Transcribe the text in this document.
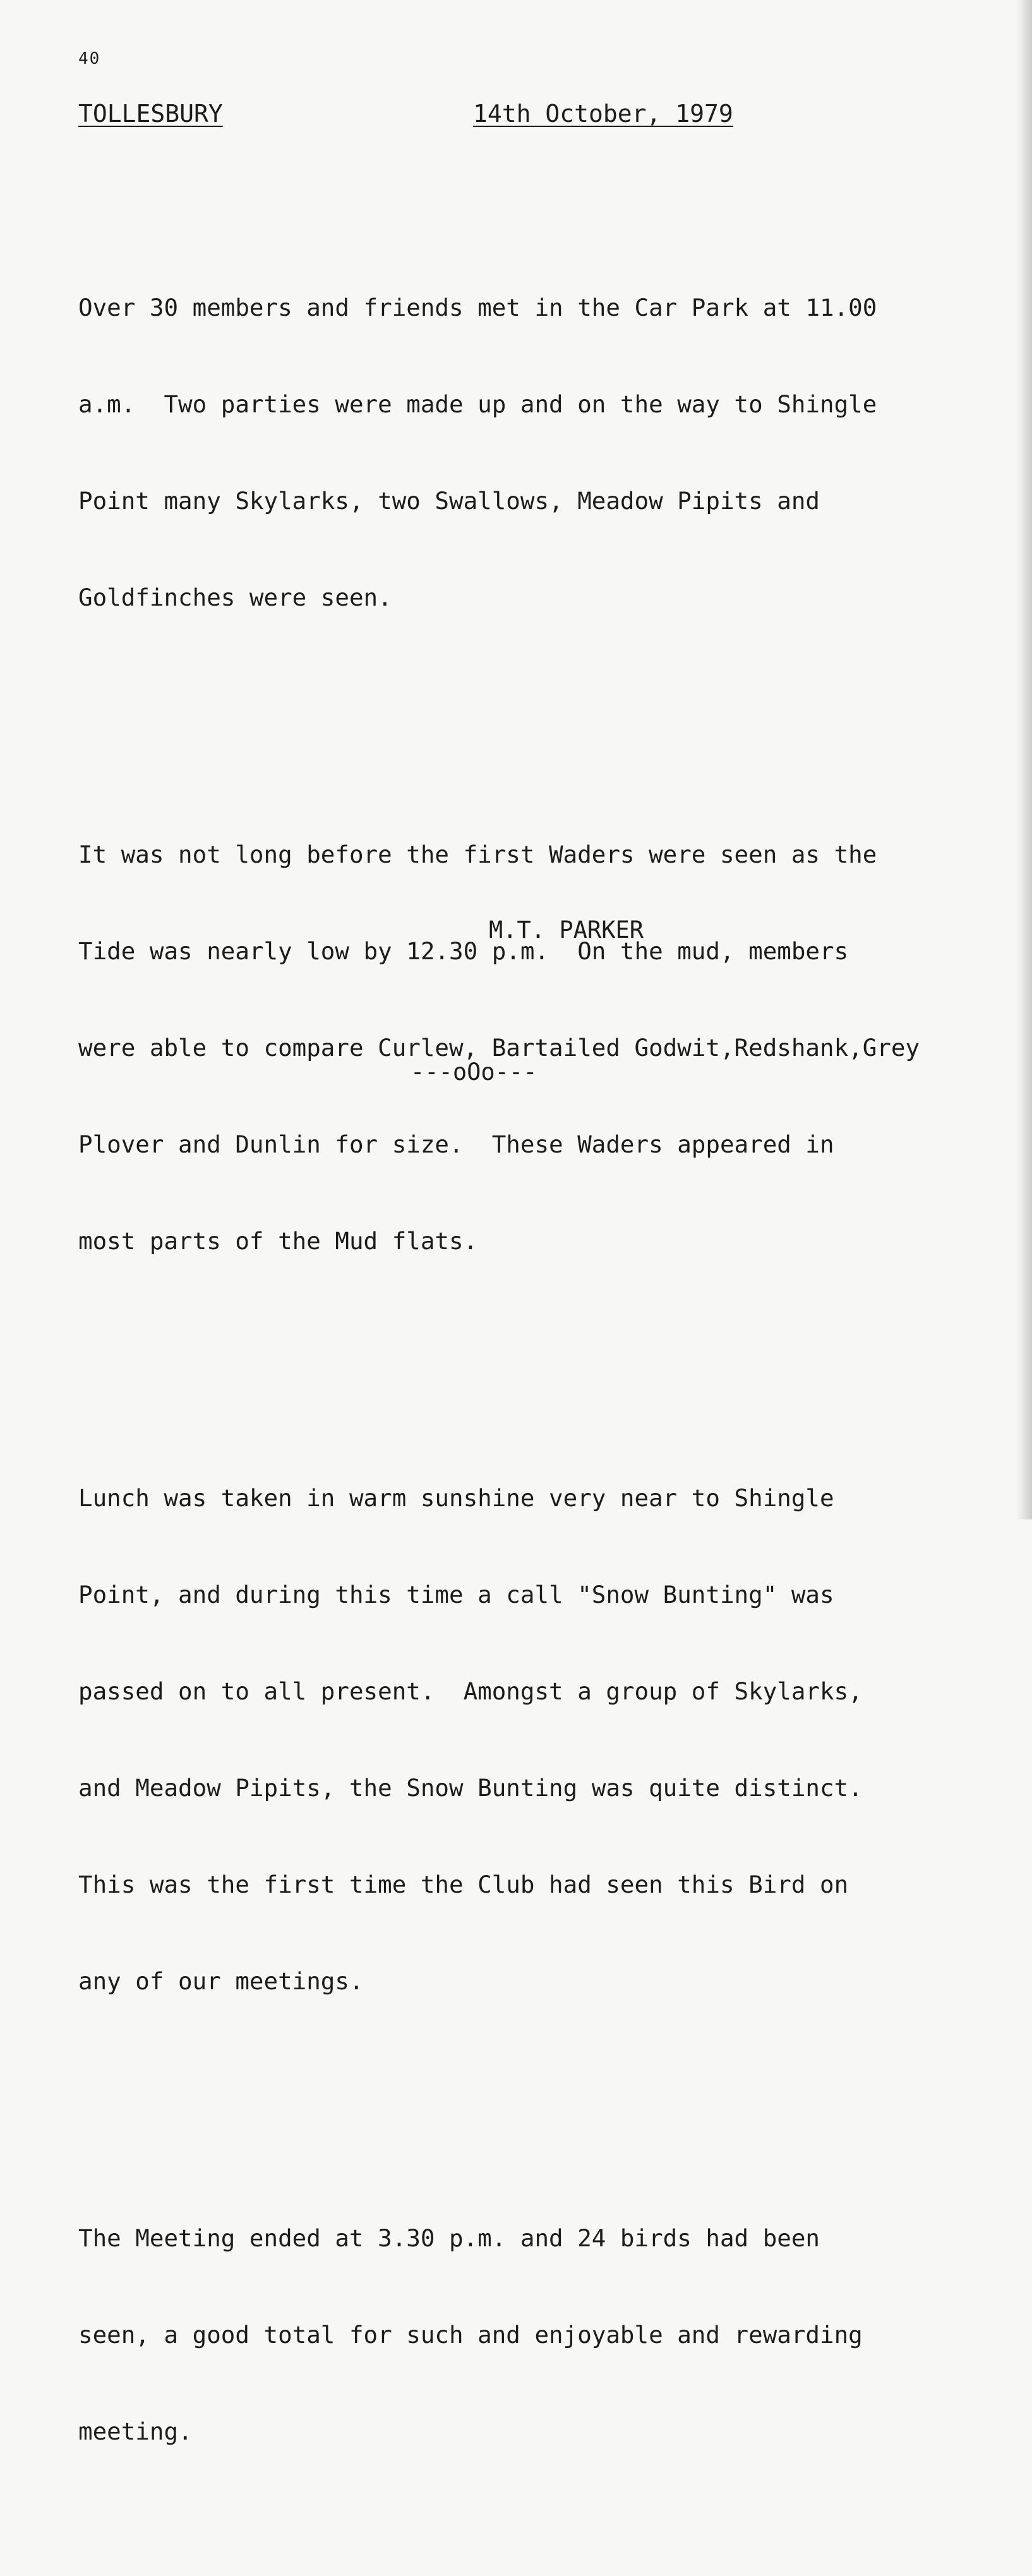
40
TOLLESBURY	14th October, 1979

Over 30 members and friends met in the Car Park at 11.00

a.m.  Two parties were made up and on the way to Shingle

Point many Skylarks, two Swallows, Meadow Pipits and

Goldfinches were seen.

It was not long before the first Waders were seen as the

Tide was nearly low by 12.30 p.m.  On the mud, members

were able to compare Curlew, Bartailed Godwit,Redshank,Grey

Plover and Dunlin for size.  These Waders appeared in

most parts of the Mud flats.

Lunch was taken in warm sunshine very near to Shingle

Point, and during this time a call "Snow Bunting" was

passed on to all present.  Amongst a group of Skylarks,

and Meadow Pipits, the Snow Bunting was quite distinct.

This was the first time the Club had seen this Bird on

any of our meetings.

The Meeting ended at 3.30 p.m. and 24 birds had been

seen, a good total for such and enjoyable and rewarding

meeting.

M.T. PARKER
---oOo---
